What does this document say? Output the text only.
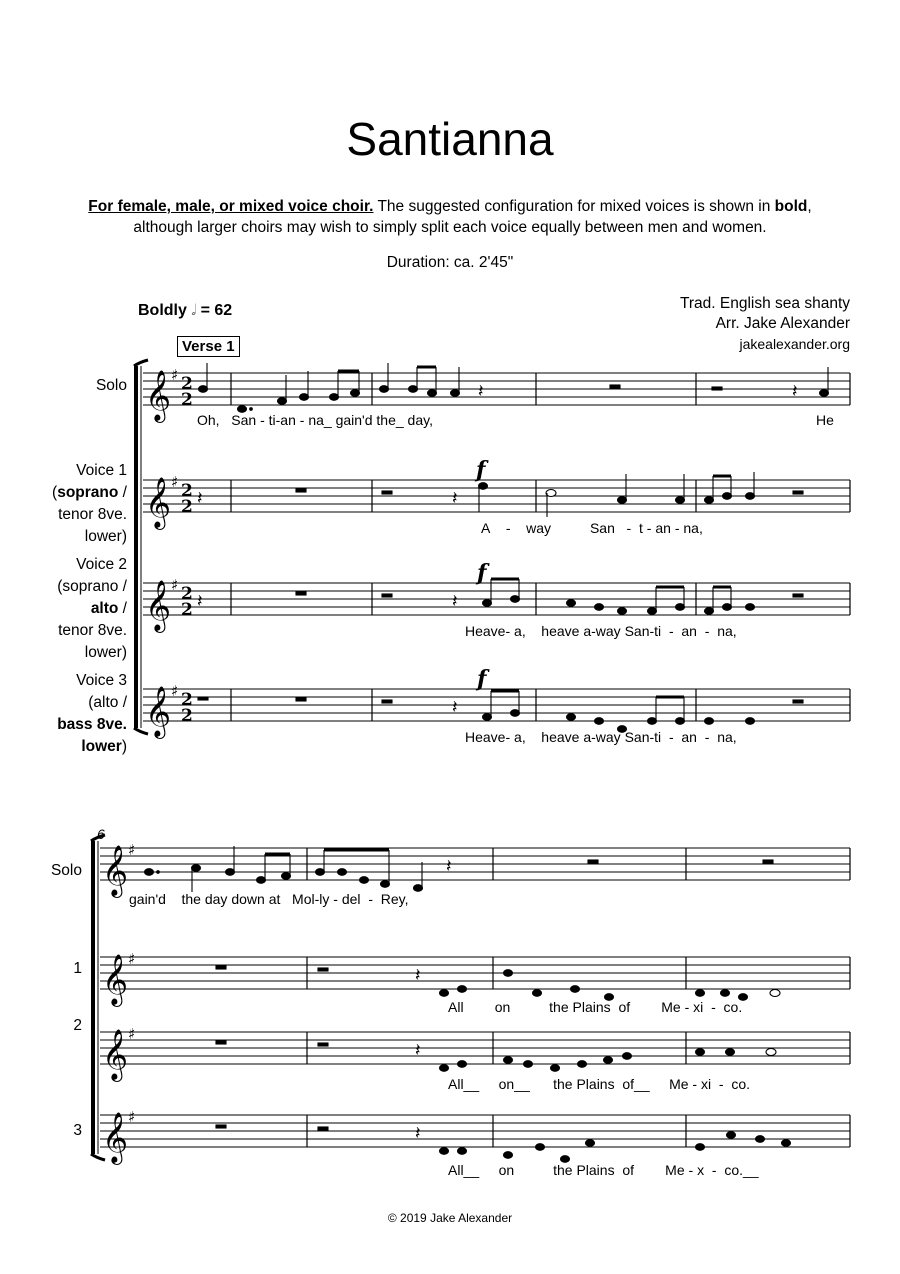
Santianna
For female, male, or mixed voice choir. The suggested configuration for mixed voices is shown in bold, although larger choirs may wish to simply split each voice equally between men and women.
Duration: ca. 2'45"
Boldly 𝅗𝅥 = 62	Trad. English sea shanty
Arr. Jake Alexander
jakealexander.org
Verse 1
Solo
Voice 1
(soprano /
tenor 8ve.
lower)
Voice 2
(soprano /
alto /
tenor 8ve.
lower)
Voice 3
(alto /
bass 8ve.
lower)
Solo
1
2
3
6
𝄞
𝄞
𝄞
𝄞
𝄞
𝄞
𝄞
𝄞
♯
♯
♯
♯
♯
♯
♯
♯
2
2
2
2
2
2
2
2
𝄽	𝄽
𝄽	𝄽
𝄽	𝄽
𝄽
𝄽
𝄽
𝄽
𝄽
f
f
f
Oh, San - ti-an - na_ gain'd the_ day,	He
A - way	San - t - an - na,
Heave- a, heave a-way San-ti - an - na,
Heave- a, heave a-way San-ti - an - na,
gain'd the day down at Mol-ly - del - Rey,
All on	the Plains of Me - xi - co.
All__ on__ the Plains of__ Me - xi - co.
All__ on	the Plains of Me - x - co.__
© 2019 Jake Alexander
